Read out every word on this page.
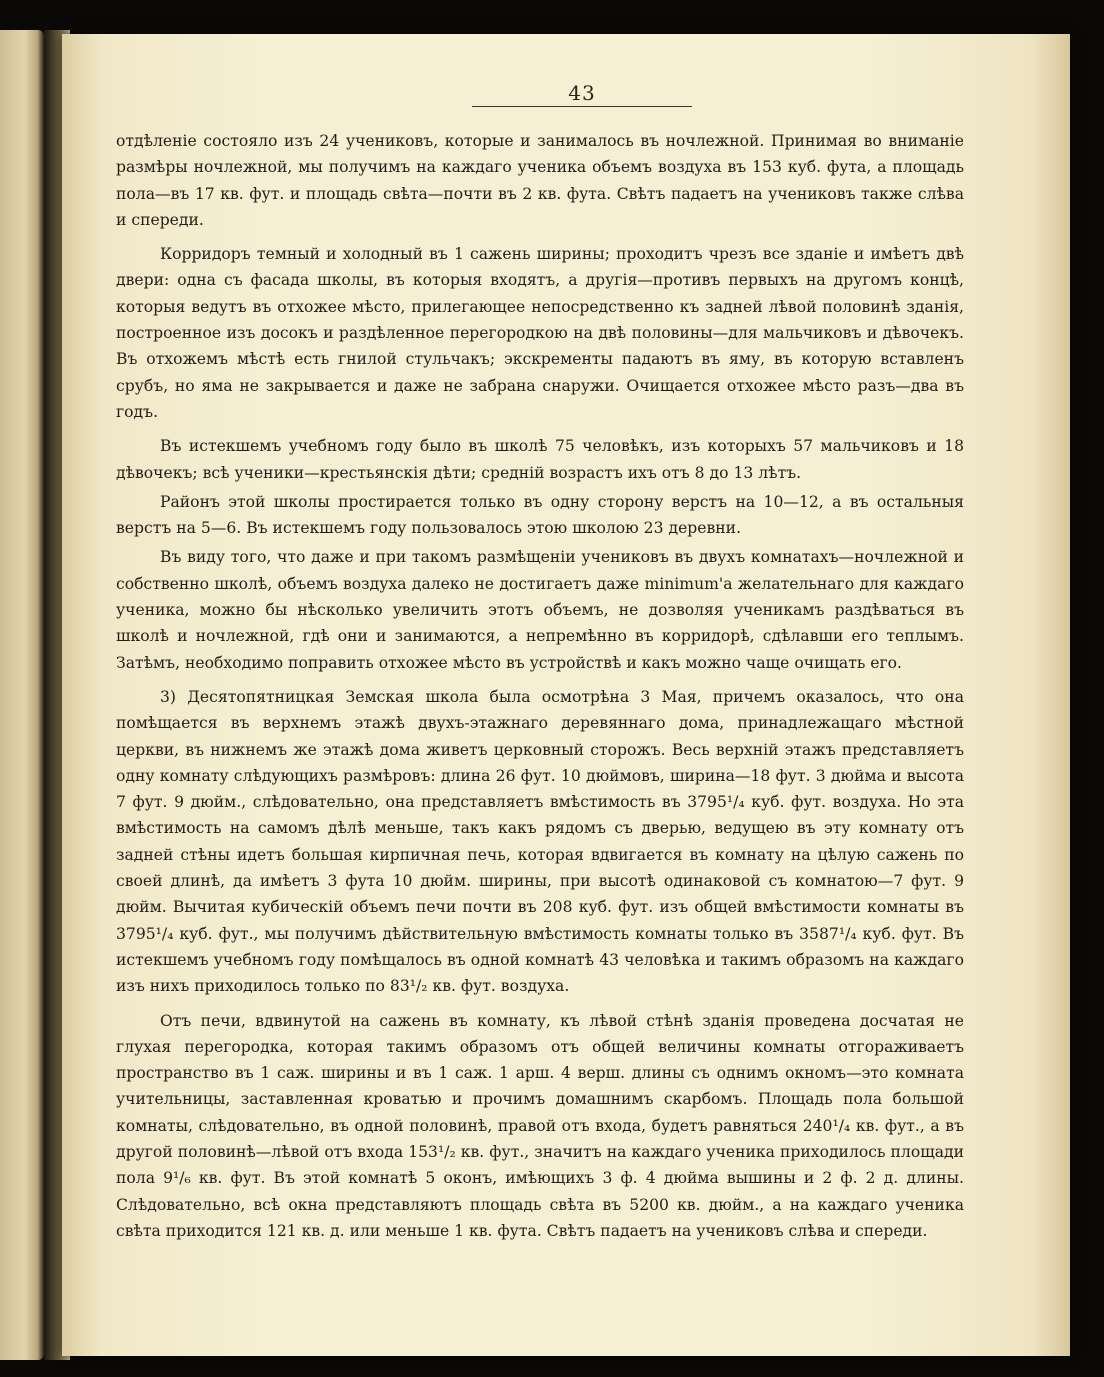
43

отдѣленіе состояло изъ 24 учениковъ, которые и занималось въ ночлежной. Принимая во вниманіе размѣры ночлежной, мы получимъ на каждаго ученика объемъ воздуха въ 153 куб. фута, а площадь пола—въ 17 кв. фут. и площадь свѣта—почти въ 2 кв. фута. Свѣтъ падаетъ на учениковъ также слѣва и спереди.

Корридоръ темный и холодный въ 1 сажень ширины; проходитъ чрезъ все зданіе и имѣетъ двѣ двери: одна съ фасада школы, въ которыя входятъ, а другія—противъ первыхъ на другомъ концѣ, которыя ведутъ въ отхожее мѣсто, прилегающее непосредственно къ задней лѣвой половинѣ зданія, построенное изъ досокъ и раздѣленное перегородкою на двѣ половины—для мальчиковъ и дѣвочекъ. Въ отхожемъ мѣстѣ есть гнилой стульчакъ; экскременты падаютъ въ яму, въ которую вставленъ срубъ, но яма не закрывается и даже не забрана снаружи. Очищается отхожее мѣсто разъ—два въ годъ.

Въ истекшемъ учебномъ году было въ школѣ 75 человѣкъ, изъ которыхъ 57 мальчиковъ и 18 дѣвочекъ; всѣ ученики—крестьянскія дѣти; средній возрастъ ихъ отъ 8 до 13 лѣтъ.

Районъ этой школы простирается только въ одну сторону верстъ на 10—12, а въ остальныя верстъ на 5—6. Въ истекшемъ году пользовалось этою школою 23 деревни.

Въ виду того, что даже и при такомъ размѣщеніи учениковъ въ двухъ комнатахъ—ночлежной и собственно школѣ, объемъ воздуха далеко не достигаетъ даже minimum'а желательнаго для каждаго ученика, можно бы нѣсколько увеличить этотъ объемъ, не дозволяя ученикамъ раздѣваться въ школѣ и ночлежной, гдѣ они и занимаются, а непремѣнно въ корридорѣ, сдѣлавши его теплымъ. Затѣмъ, необходимо поправить отхожее мѣсто въ устройствѣ и какъ можно чаще очищать его.

3) Десятопятницкая Земская школа была осмотрѣна 3 Мая, причемъ оказалось, что она помѣщается въ верхнемъ этажѣ двухъ-этажнаго деревяннаго дома, принадлежащаго мѣстной церкви, въ нижнемъ же этажѣ дома живетъ церковный сторожъ. Весь верхній этажъ представляетъ одну комнату слѣдующихъ размѣровъ: длина 26 фут. 10 дюймовъ, ширина—18 фут. 3 дюйма и высота 7 фут. 9 дюйм., слѣдовательно, она представляетъ вмѣстимость въ 3795¹/₄ куб. фут. воздуха. Но эта вмѣстимость на самомъ дѣлѣ меньше, такъ какъ рядомъ съ дверью, ведущею въ эту комнату отъ задней стѣны идетъ большая кирпичная печь, которая вдвигается въ комнату на цѣлую сажень по своей длинѣ, да имѣетъ 3 фута 10 дюйм. ширины, при высотѣ одинаковой съ комнатою—7 фут. 9 дюйм. Вычитая кубическій объемъ печи почти въ 208 куб. фут. изъ общей вмѣстимости комнаты въ 3795¹/₄ куб. фут., мы получимъ дѣйствительную вмѣстимость комнаты только въ 3587¹/₄ куб. фут. Въ истекшемъ учебномъ году помѣщалось въ одной комнатѣ 43 человѣка и такимъ образомъ на каждаго изъ нихъ приходилось только по 83¹/₂ кв. фут. воздуха.

Отъ печи, вдвинутой на сажень въ комнату, къ лѣвой стѣнѣ зданія проведена досчатая не глухая перегородка, которая такимъ образомъ отъ общей величины комнаты отгораживаетъ пространство въ 1 саж. ширины и въ 1 саж. 1 арш. 4 верш. длины съ однимъ окномъ—это комната учительницы, заставленная кроватью и прочимъ домашнимъ скарбомъ. Площадь пола большой комнаты, слѣдовательно, въ одной половинѣ, правой отъ входа, будетъ равняться 240¹/₄ кв. фут., а въ другой половинѣ—лѣвой отъ входа 153¹/₂ кв. фут., значитъ на каждаго ученика приходилось площади пола 9¹/₆ кв. фут. Въ этой комнатѣ 5 оконъ, имѣющихъ 3 ф. 4 дюйма вышины и 2 ф. 2 д. длины. Слѣдовательно, всѣ окна представляютъ площадь свѣта въ 5200 кв. дюйм., а на каждаго ученика свѣта приходится 121 кв. д. или меньше 1 кв. фута. Свѣтъ падаетъ на учениковъ слѣва и спереди.
